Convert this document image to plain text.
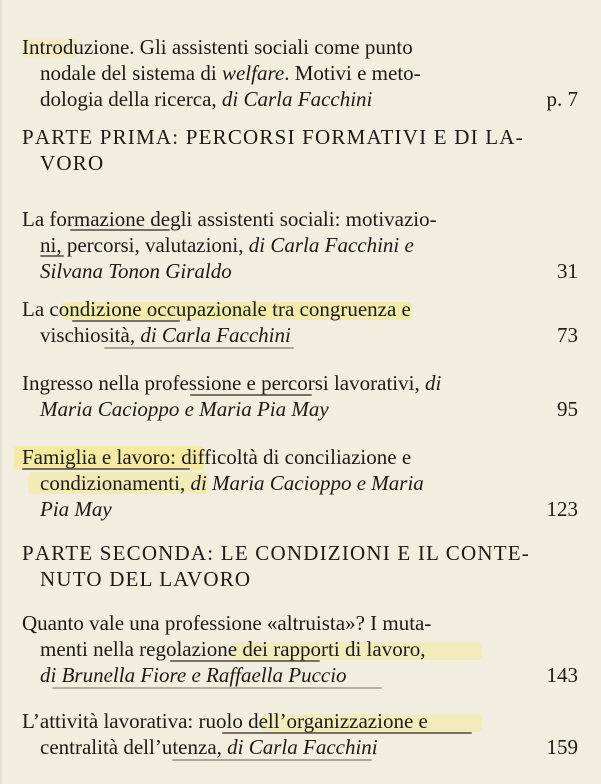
Introduzione. Gli assistenti sociali come punto
nodale del sistema di welfare. Motivi e meto-
dologia della ricerca, di Carla Facchini	p. 7
PARTE PRIMA: PERCORSI FORMATIVI E DI LA-
VORO
La formazione degli assistenti sociali: motivazio-
ni, percorsi, valutazioni, di Carla Facchini e
Silvana Tonon Giraldo	31
La condizione occupazionale tra congruenza e
vischiosità, di Carla Facchini	73
Ingresso nella professione e percorsi lavorativi, di
Maria Cacioppo e Maria Pia May	95
Famiglia e lavoro: difficoltà di conciliazione e
condizionamenti, di Maria Cacioppo e Maria
Pia May	123
PARTE SECONDA: LE CONDIZIONI E IL CONTE-
NUTO DEL LAVORO
Quanto vale una professione «altruista»? I muta-
menti nella regolazione dei rapporti di lavoro,
di Brunella Fiore e Raffaella Puccio	143
L’attività lavorativa: ruolo dell’organizzazione e
centralità dell’utenza, di Carla Facchini	159
